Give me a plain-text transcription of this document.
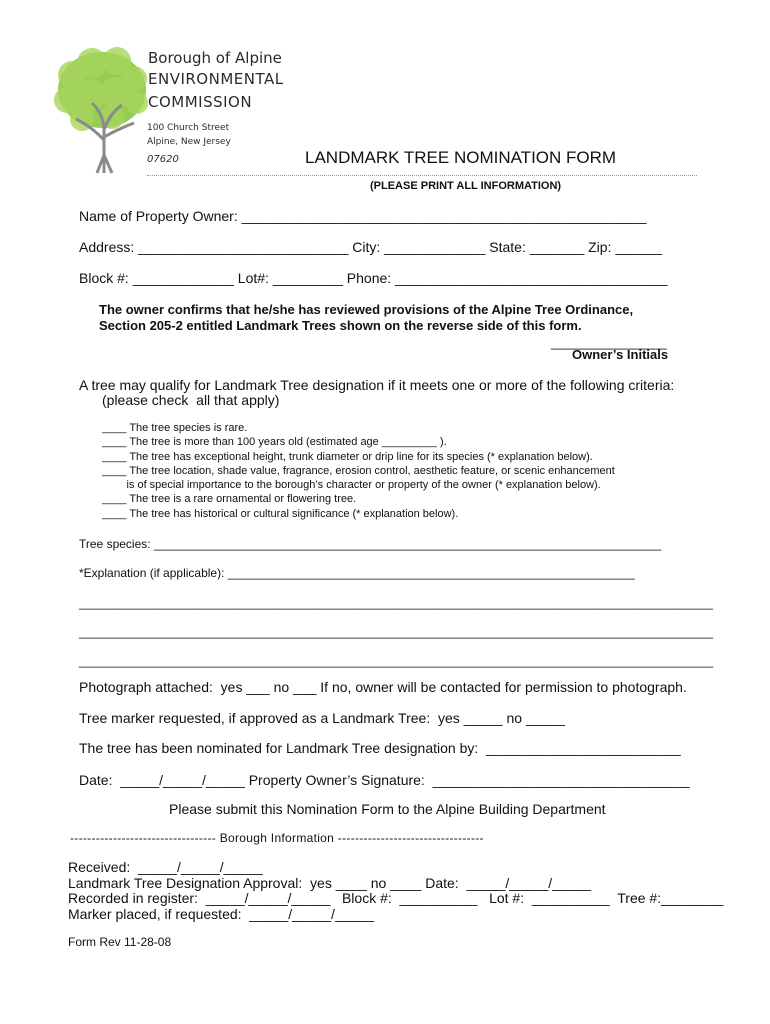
Borough of Alpine
ENVIRONMENTAL
COMMISSION
100 Church Street
Alpine, New Jersey
07620	LANDMARK TREE NOMINATION FORM
(PLEASE PRINT ALL INFORMATION)
Name of Property Owner: ____________________________________________________
Address: ___________________________ City: _____________ State: _______ Zip: ______
Block #: _____________ Lot#: _________ Phone: ___________________________________
The owner confirms that he/she has reviewed provisions of the Alpine Tree Ordinance,
Section 205-2 entitled Landmark Trees shown on the reverse side of this form.
________________
Owner’s Initials
A tree may qualify for Landmark Tree designation if it meets one or more of the following criteria:
(please check  all that apply)
____ The tree species is rare.
____ The tree is more than 100 years old (estimated age _________ ).
____ The tree has exceptional height, trunk diameter or drip line for its species (* explanation below).
____ The tree location, shade value, fragrance, erosion control, aesthetic feature, or scenic enhancement
is of special importance to the borough’s character or property of the owner (* explanation below).
____ The tree is a rare ornamental or flowering tree.
____ The tree has historical or cultural significance (* explanation below).
Tree species: ____________________________________________________________________________
*Explanation (if applicable): _____________________________________________________________
_______________________________________________________________________________________________
_______________________________________________________________________________________________
_______________________________________________________________________________________________
Photograph attached:  yes ___ no ___ If no, owner will be contacted for permission to photograph.
Tree marker requested, if approved as a Landmark Tree:  yes _____ no _____
The tree has been nominated for Landmark Tree designation by:  _________________________
Date:  _____/_____/_____ Property Owner’s Signature:  _________________________________
Please submit this Nomination Form to the Alpine Building Department
---------------------------------- Borough Information ----------------------------------
Received:  _____/_____/_____
Landmark Tree Designation Approval:  yes ____ no ____ Date:  _____/_____/_____
Recorded in register:  _____/_____/_____   Block #:  __________   Lot #:  __________  Tree #:________
Marker placed, if requested:  _____/_____/_____
Form Rev 11-28-08
